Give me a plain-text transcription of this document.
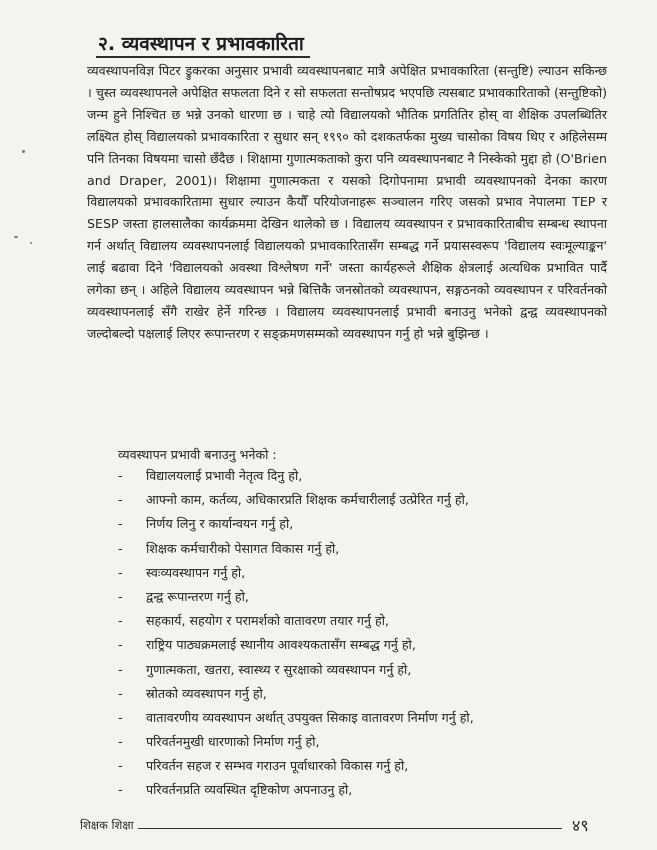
२. व्यवस्थापन र प्रभावकारिता
व्यवस्थापनविज्ञ पिटर ड्रुकरका अनुसार प्रभावी व्यवस्थापनबाट मात्रै अपेक्षित प्रभावकारिता (सन्तुष्टि) ल्याउन सकिन्छ । चुस्त व्यवस्थापनले अपेक्षित सफलता दिने र सो सफलता सन्तोषप्रद भएपछि त्यसबाट प्रभावकारिताको (सन्तुष्टिको) जन्म हुने निश्चित छ भन्ने उनको धारणा छ । चाहे त्यो विद्यालयको भौतिक प्रगतितिर होस् वा शैक्षिक उपलब्धितिर लक्ष्यित होस् विद्यालयको प्रभावकारिता र सुधार सन् १९९० को दशकतर्फका मुख्य चासोका विषय थिए र अहिलेसम्म पनि तिनका विषयमा चासो छँदैछ । शिक्षामा गुणात्मकताको कुरा पनि व्यवस्थापनबाट नै निस्केको मुद्दा हो (O'Brien and Draper, 2001)। शिक्षामा गुणात्मकता र यसको दिगोपनामा प्रभावी व्यवस्थापनको देनका कारण विद्यालयको प्रभावकारितामा सुधार ल्याउन कैयौँ परियोजनाहरू सञ्चालन गरिए जसको प्रभाव नेपालमा TEP र SESP जस्ता हालसालैका कार्यक्रममा देखिन थालेको छ । विद्यालय व्यवस्थापन र प्रभावकारिताबीच सम्बन्ध स्थापना गर्न अर्थात् विद्यालय व्यवस्थापनलाई विद्यालयको प्रभावकारितासँग सम्बद्ध गर्ने प्रयासस्वरूप 'विद्यालय स्वःमूल्याङ्कन' लाई बढावा दिने 'विद्यालयको अवस्था विश्लेषण गर्ने' जस्ता कार्यहरूले शैक्षिक क्षेत्रलाई अत्यधिक प्रभावित पार्दै लगेका छन् । अहिले विद्यालय व्यवस्थापन भन्ने बित्तिकै जनस्रोतको व्यवस्थापन, सङ्गठनको व्यवस्थापन र परिवर्तनको व्यवस्थापनलाई सँगै राखेर हेर्ने गरिन्छ । विद्यालय व्यवस्थापनलाई प्रभावी बनाउनु भनेको द्वन्द्व व्यवस्थापनको जल्दोबल्दो पक्षलाई लिएर रूपान्तरण र सङ्क्रमणसम्मको व्यवस्थापन गर्नु हो भन्ने बुझिन्छ ।
व्यवस्थापन प्रभावी बनाउनु भनेको :
- विद्यालयलाई प्रभावी नेतृत्व दिनु हो,
- आफ्नो काम, कर्तव्य, अधिकारप्रति शिक्षक कर्मचारीलाई उत्प्रेरित गर्नु हो,
- निर्णय लिनु र कार्यान्वयन गर्नु हो,
- शिक्षक कर्मचारीको पेसागत विकास गर्नु हो,
- स्वःव्यवस्थापन गर्नु हो,
- द्वन्द्व रूपान्तरण गर्नु हो,
- सहकार्य, सहयोग र परामर्शको वातावरण तयार गर्नु हो,
- राष्ट्रिय पाठ्यक्रमलाई स्थानीय आवश्यकतासँग सम्बद्ध गर्नु हो,
- गुणात्मकता, खतरा, स्वास्थ्य र सुरक्षाको व्यवस्थापन गर्नु हो,
- स्रोतको व्यवस्थापन गर्नु हो,
- वातावरणीय व्यवस्थापन अर्थात् उपयुक्त सिकाइ वातावरण निर्माण गर्नु हो,
- परिवर्तनमुखी धारणाको निर्माण गर्नु हो,
- परिवर्तन सहज र सम्भव गराउन पूर्वाधारको विकास गर्नु हो,
- परिवर्तनप्रति व्यवस्थित दृष्टिकोण अपनाउनु हो,
शिक्षक शिक्षा	४९
